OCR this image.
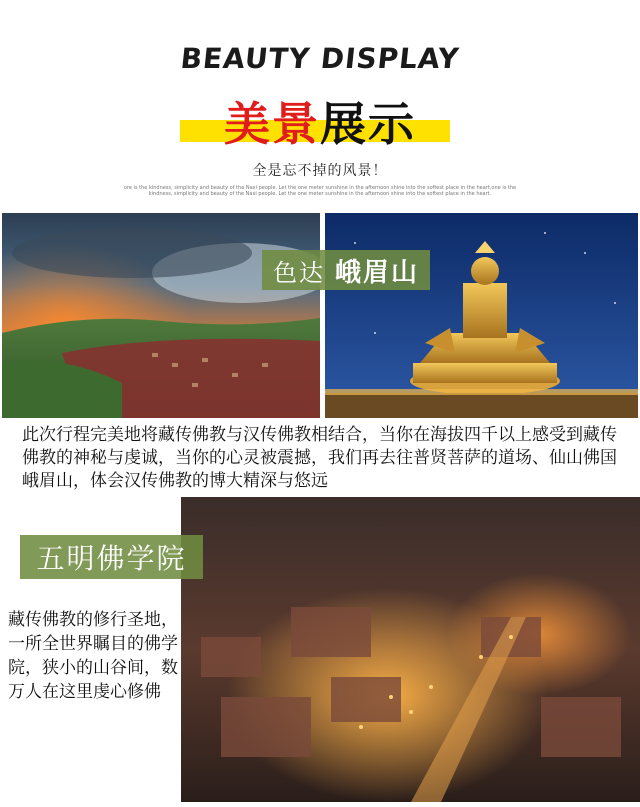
BEAUTY DISPLAY
美景展示
全是忘不掉的风景！
ore is the kindness, simplicity and beauty of the Naxi people. Let the one meter sunshine in the afternoon shine into the softest place in the heart,one is the kindness, simplicity and beauty of the Naxi people. Let the one meter sunshine in the afternoon shine into the softest place in the heart.
色达 峨眉山
此次行程完美地将藏传佛教与汉传佛教相结合，当你在海拔四千以上感受到藏传佛教的神秘与虔诚，当你的心灵被震撼，我们再去往普贤菩萨的道场、仙山佛国峨眉山，体会汉传佛教的博大精深与悠远
五明佛学院
藏传佛教的修行圣地，一所全世界瞩目的佛学院，狭小的山谷间，数万人在这里虔心修佛
